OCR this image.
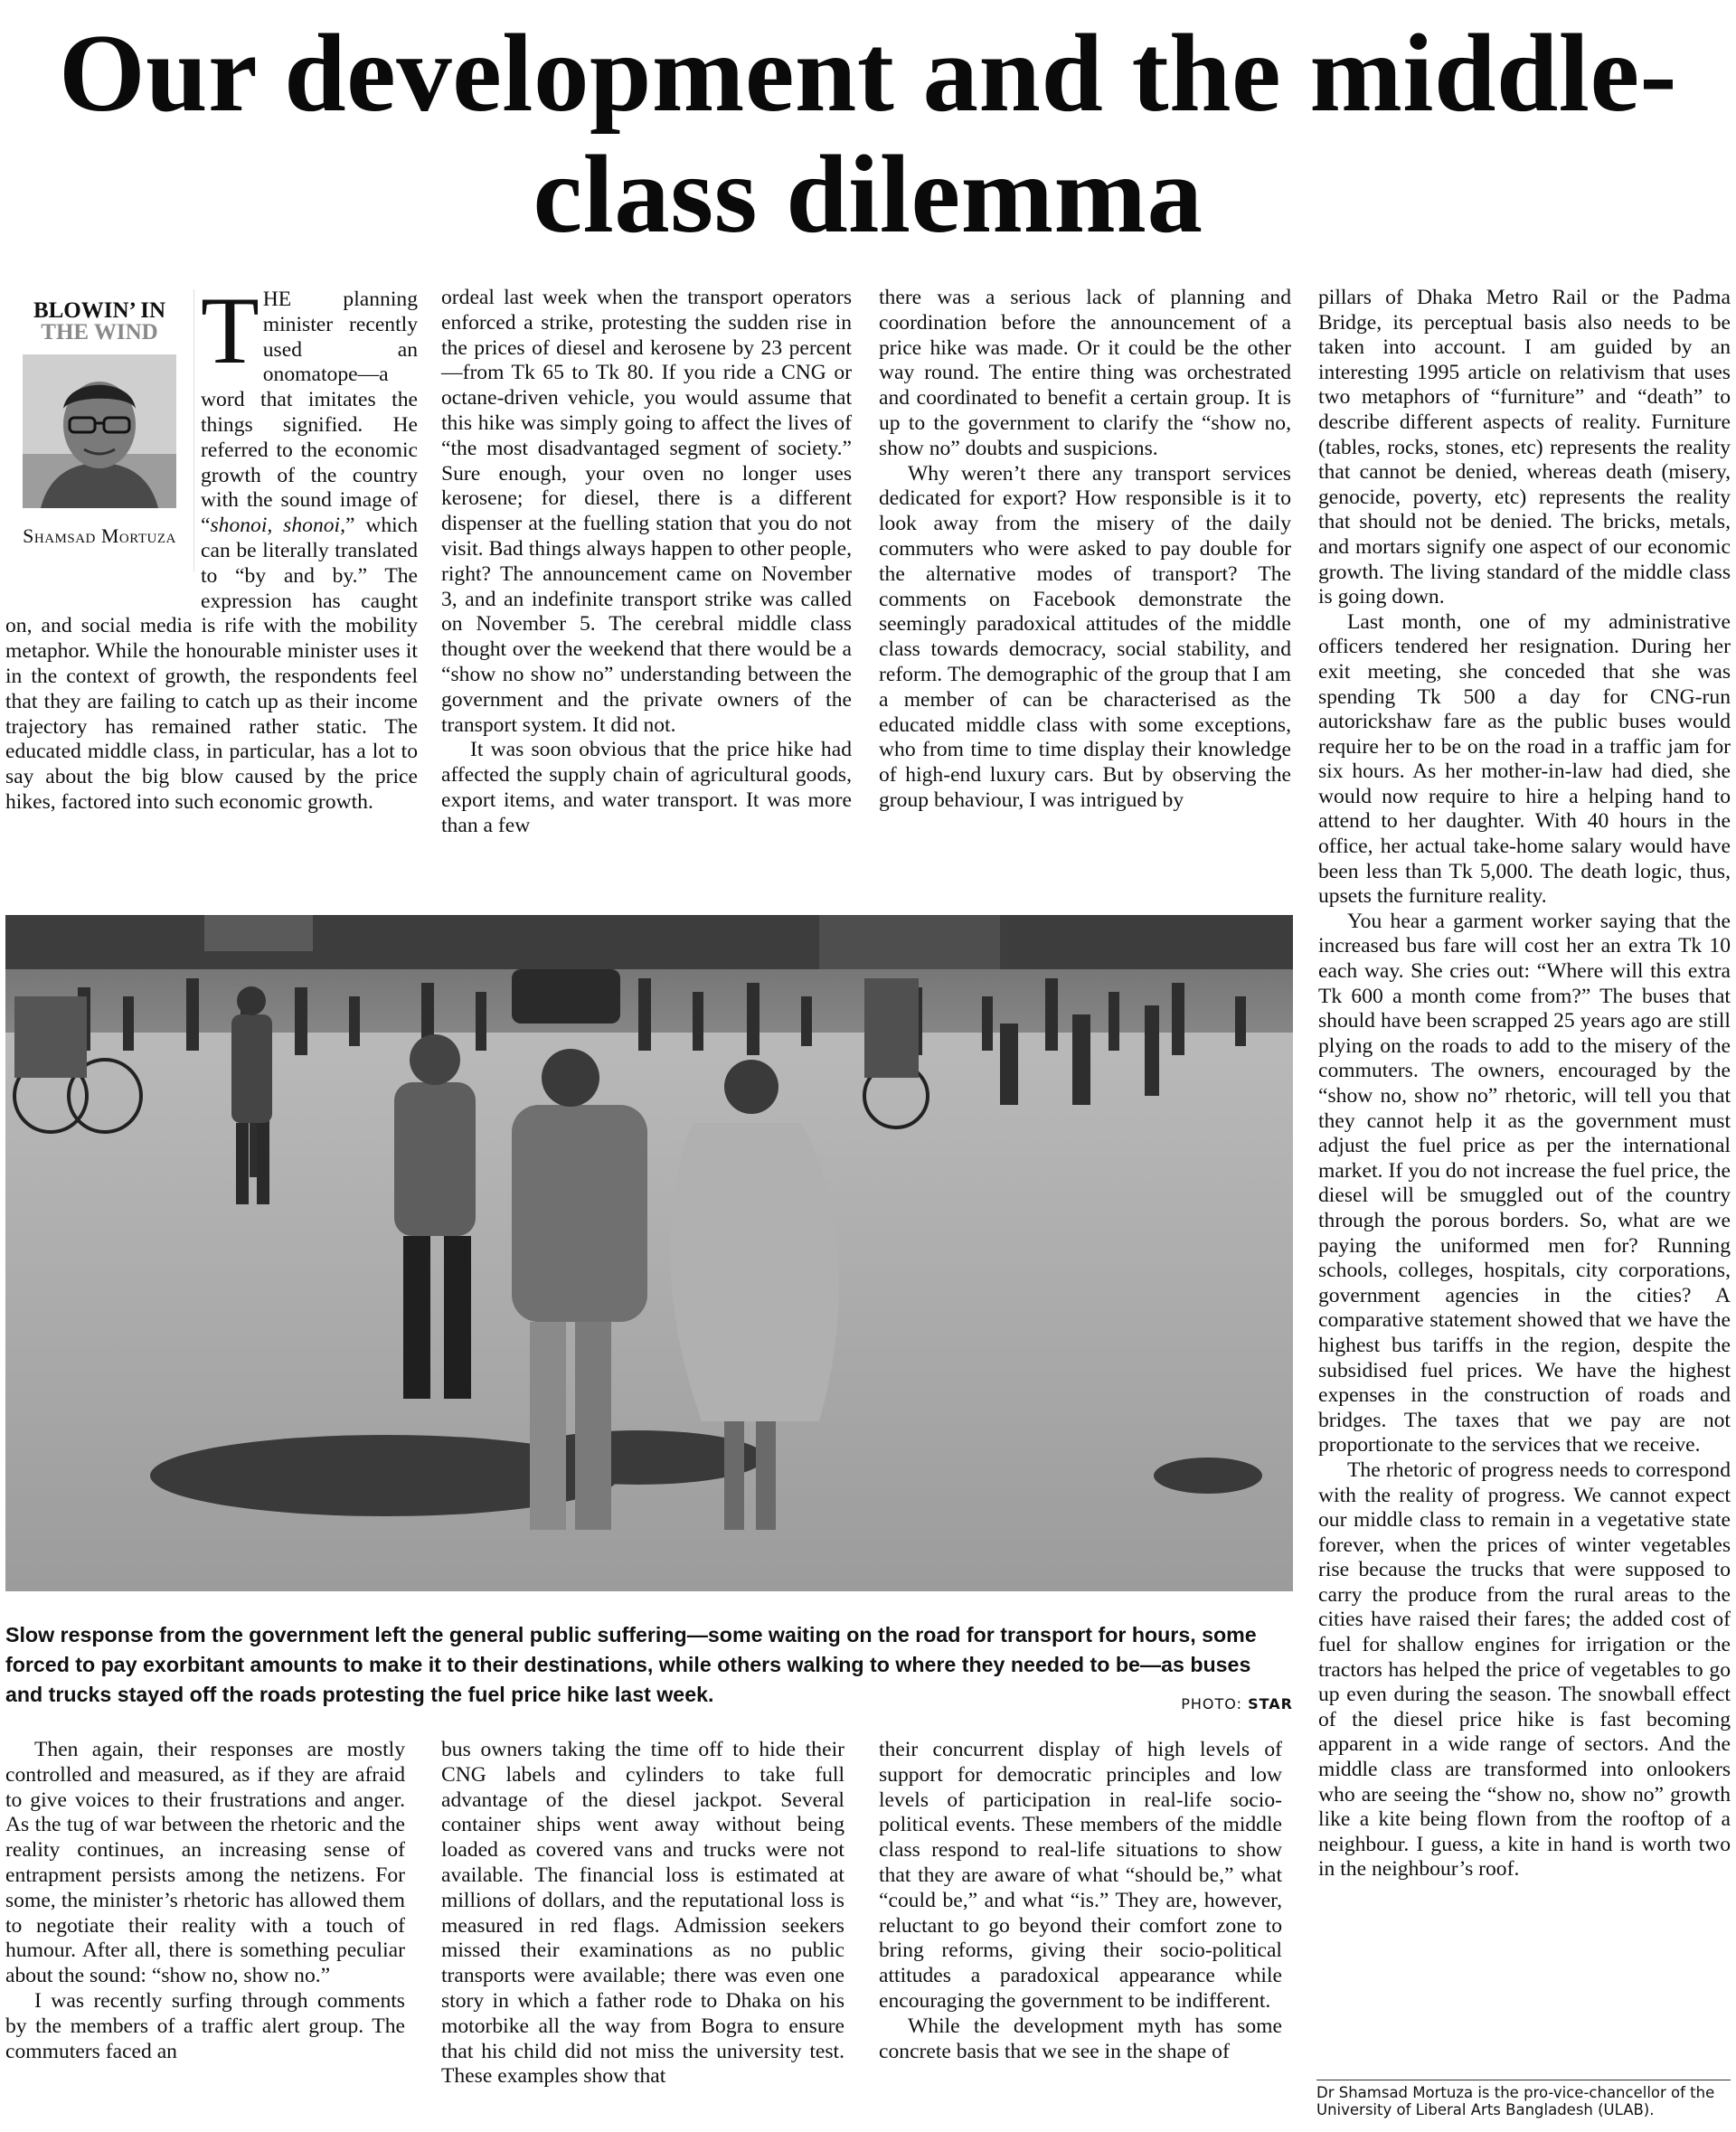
Our development and the middle-class dilemma
BLOWIN’ IN
THE WIND
Shamsad Mortuza

THE planning minister recently used an onomatope—a word that imitates the things signified. He referred to the economic growth of the country with the sound image of “shonoi, shonoi,” which can be literally translated to “by and by.” The expression has caught on, and social media is rife with the mobility metaphor. While the honourable minister uses it in the context of growth, the respondents feel that they are failing to catch up as their income trajectory has remained rather static. The educated middle class, in particular, has a lot to say about the big blow caused by the price hikes, factored into such economic growth.

ordeal last week when the transport operators enforced a strike, protesting the sudden rise in the prices of diesel and kerosene by 23 percent—from Tk 65 to Tk 80. If you ride a CNG or octane-driven vehicle, you would assume that this hike was simply going to affect the lives of “the most disadvantaged segment of society.” Sure enough, your oven no longer uses kerosene; for diesel, there is a different dispenser at the fuelling station that you do not visit. Bad things always happen to other people, right? The announcement came on November 3, and an indefinite transport strike was called on November 5. The cerebral middle class thought over the weekend that there would be a “show no show no” understanding between the government and the private owners of the transport system. It did not.

It was soon obvious that the price hike had affected the supply chain of agricultural goods, export items, and water transport. It was more than a few

there was a serious lack of planning and coordination before the announcement of a price hike was made. Or it could be the other way round. The entire thing was orchestrated and coordinated to benefit a certain group. It is up to the government to clarify the “show no, show no” doubts and suspicions.

Why weren’t there any transport services dedicated for export? How responsible is it to look away from the misery of the daily commuters who were asked to pay double for the alternative modes of transport? The comments on Facebook demonstrate the seemingly paradoxical attitudes of the middle class towards democracy, social stability, and reform. The demographic of the group that I am a member of can be characterised as the educated middle class with some exceptions, who from time to time display their knowledge of high-end luxury cars. But by observing the group behaviour, I was intrigued by

pillars of Dhaka Metro Rail or the Padma Bridge, its perceptual basis also needs to be taken into account. I am guided by an interesting 1995 article on relativism that uses two metaphors of “furniture” and “death” to describe different aspects of reality. Furniture (tables, rocks, stones, etc) represents the reality that cannot be denied, whereas death (misery, genocide, poverty, etc) represents the reality that should not be denied. The bricks, metals, and mortars signify one aspect of our economic growth. The living standard of the middle class is going down.

Last month, one of my administrative officers tendered her resignation. During her exit meeting, she conceded that she was spending Tk 500 a day for CNG-run autorickshaw fare as the public buses would require her to be on the road in a traffic jam for six hours. As her mother-in-law had died, she would now require to hire a helping hand to attend to her daughter. With 40 hours in the office, her actual take-home salary would have been less than Tk 5,000. The death logic, thus, upsets the furniture reality.

You hear a garment worker saying that the increased bus fare will cost her an extra Tk 10 each way. She cries out: “Where will this extra Tk 600 a month come from?” The buses that should have been scrapped 25 years ago are still plying on the roads to add to the misery of the commuters. The owners, encouraged by the “show no, show no” rhetoric, will tell you that they cannot help it as the government must adjust the fuel price as per the international market. If you do not increase the fuel price, the diesel will be smuggled out of the country through the porous borders. So, what are we paying the uniformed men for? Running schools, colleges, hospitals, city corporations, government agencies in the cities? A comparative statement showed that we have the highest bus tariffs in the region, despite the subsidised fuel prices. We have the highest expenses in the construction of roads and bridges. The taxes that we pay are not proportionate to the services that we receive.

The rhetoric of progress needs to correspond with the reality of progress. We cannot expect our middle class to remain in a vegetative state forever, when the prices of winter vegetables rise because the trucks that were supposed to carry the produce from the rural areas to the cities have raised their fares; the added cost of fuel for shallow engines for irrigation or the tractors has helped the price of vegetables to go up even during the season. The snowball effect of the diesel price hike is fast becoming apparent in a wide range of sectors. And the middle class are transformed into onlookers who are seeing the “show no, show no” growth like a kite being flown from the rooftop of a neighbour. I guess, a kite in hand is worth two in the neighbour’s roof.

Slow response from the government left the general public suffering—some waiting on the road for transport for hours, some forced to pay exorbitant amounts to make it to their destinations, while others walking to where they needed to be—as buses and trucks stayed off the roads protesting the fuel price hike last week.	PHOTO: STAR

Then again, their responses are mostly controlled and measured, as if they are afraid to give voices to their frustrations and anger. As the tug of war between the rhetoric and the reality continues, an increasing sense of entrapment persists among the netizens. For some, the minister’s rhetoric has allowed them to negotiate their reality with a touch of humour. After all, there is something peculiar about the sound: “show no, show no.”

I was recently surfing through comments by the members of a traffic alert group. The commuters faced an

bus owners taking the time off to hide their CNG labels and cylinders to take full advantage of the diesel jackpot. Several container ships went away without being loaded as covered vans and trucks were not available. The financial loss is estimated at millions of dollars, and the reputational loss is measured in red flags. Admission seekers missed their examinations as no public transports were available; there was even one story in which a father rode to Dhaka on his motorbike all the way from Bogra to ensure that his child did not miss the university test. These examples show that

their concurrent display of high levels of support for democratic principles and low levels of participation in real-life socio-political events. These members of the middle class respond to real-life situations to show that they are aware of what “should be,” what “could be,” and what “is.” They are, however, reluctant to go beyond their comfort zone to bring reforms, giving their socio-political attitudes a paradoxical appearance while encouraging the government to be indifferent.

While the development myth has some concrete basis that we see in the shape of

Dr Shamsad Mortuza is the pro-vice-chancellor of the University of Liberal Arts Bangladesh (ULAB).
